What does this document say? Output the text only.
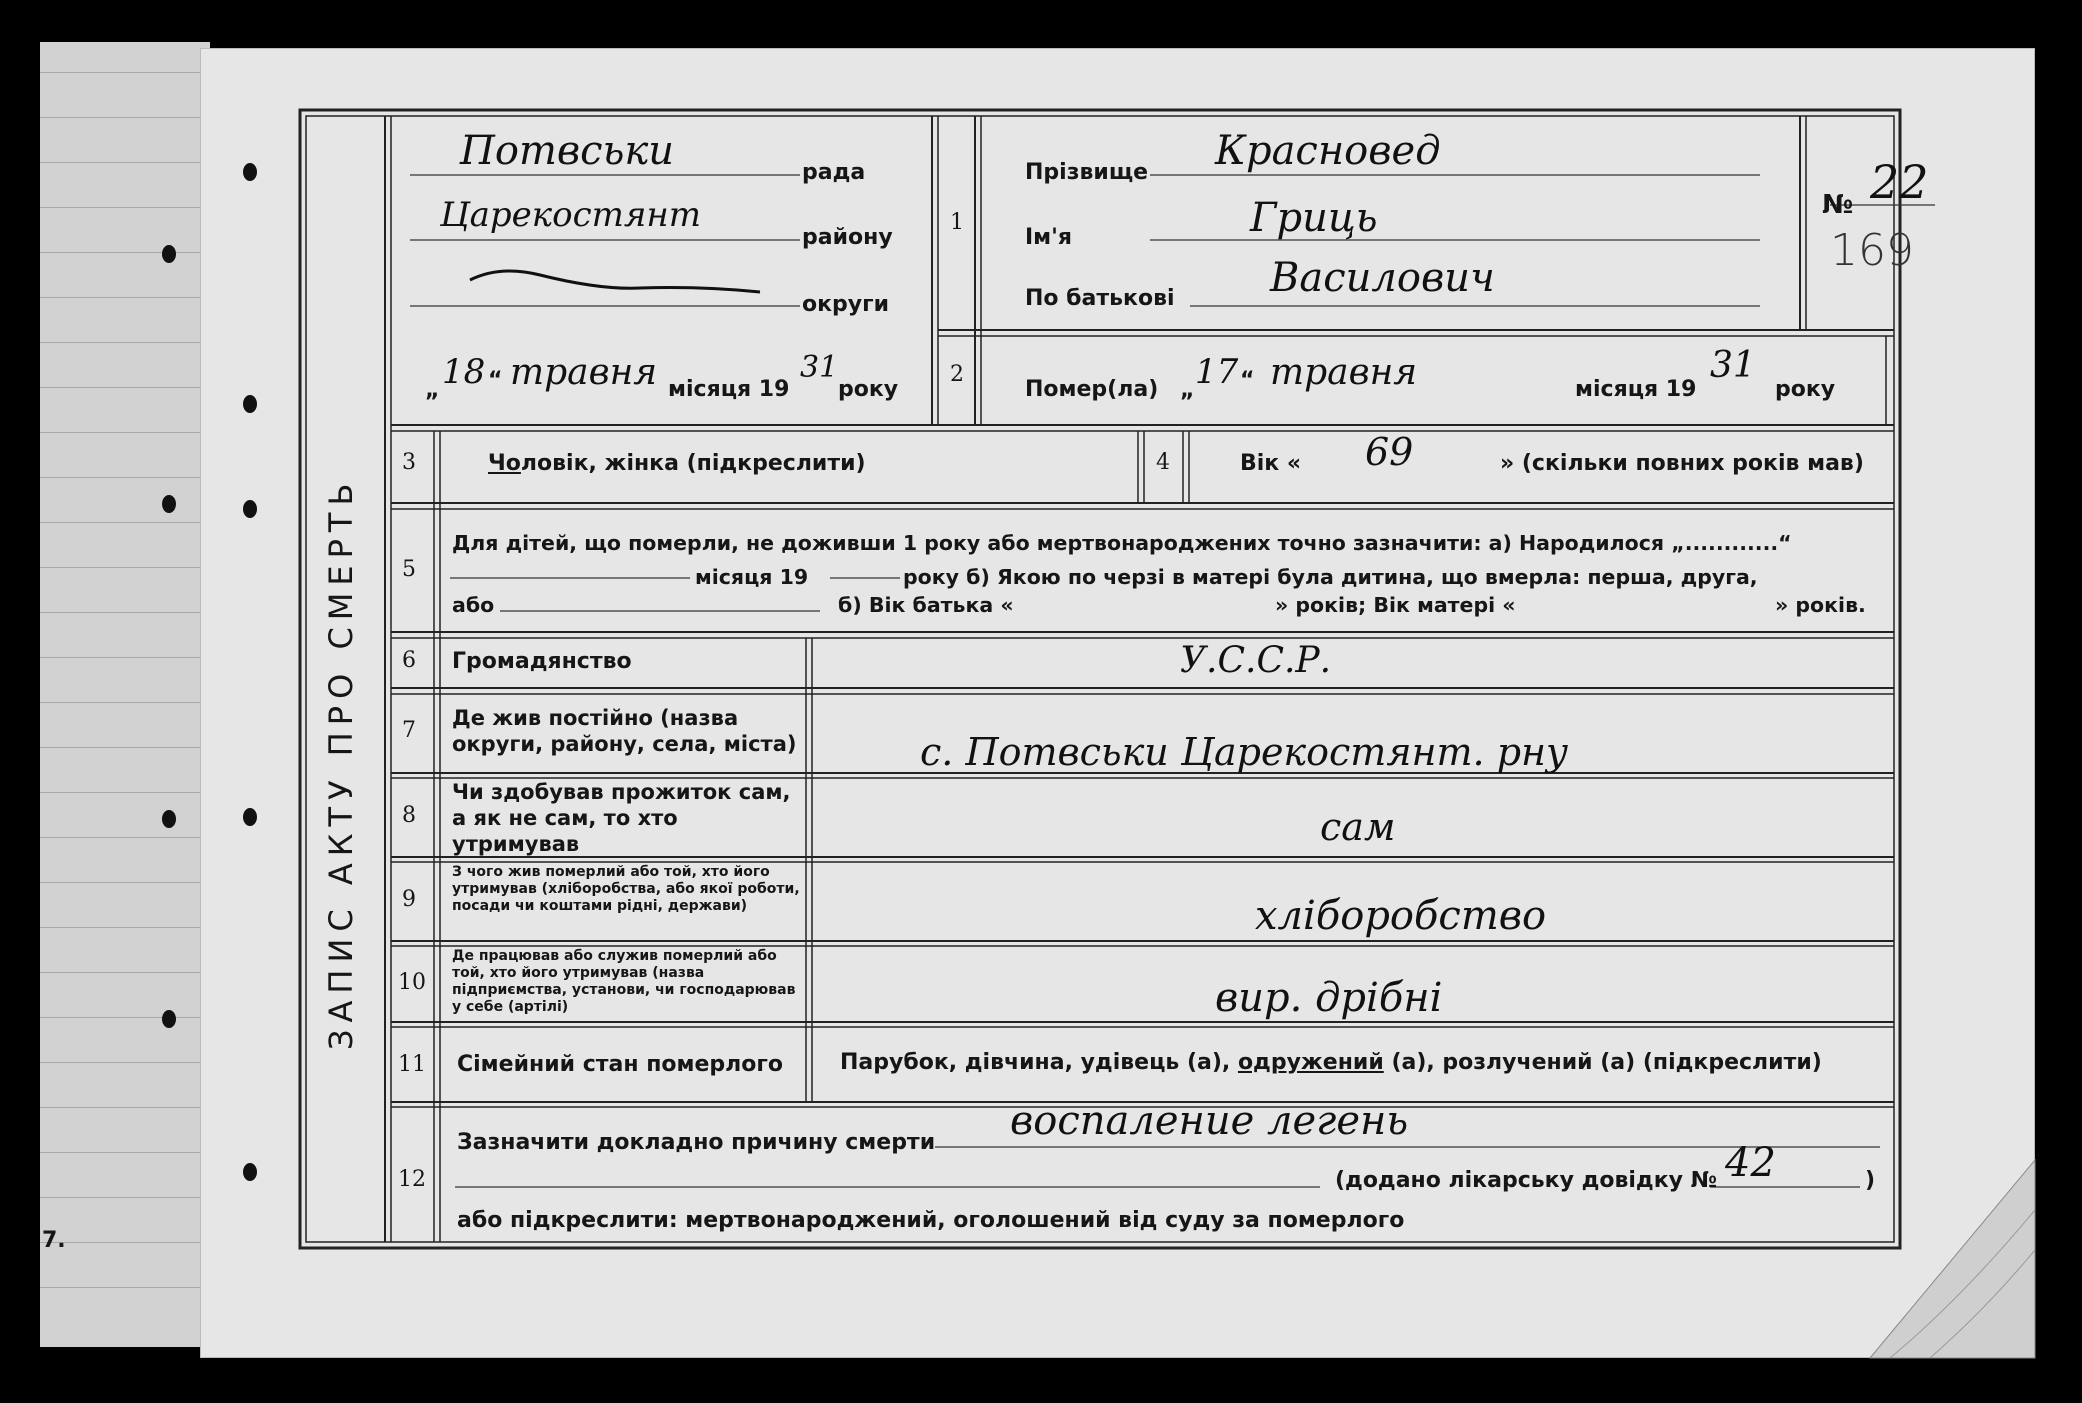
7.
ЗАПИС АКТУ ПРО СМЕРТЬ
Потвськи	рада
Царекостянт
району
округи
„ 18 “ травня місяця 19
31
року
1
Прізвище Красновед
Ім'я	Гриць
По батькові Василович
№ 22
169
2
Помер(ла) „ 17 “ травня	місяця 19
31
року
3	Чоловік, жінка (підкреслити)	4	Вік « 69	» (скільки повних років мав)
5
Для дітей, що померли, не доживши 1 року або мертвонароджених точно зазначити: а) Народилося „............“
місяця 19	року б) Якою по черзі в матері була дитина, що вмерла: перша, друга,
або	б) Вік батька «	» років; Вік матері «	» років.
6 Громадянство	У.С.С.Р.
7 Де жив постійно (назва округи, району, села, міста)	с. Потвськи Царекостянт. рну
8
Чи здобував прожиток сам, а як не сам, то хто утримував	сам
9
З чого жив померлий або той, хто його утримував (хліборобства, або якої роботи, посади чи коштами рідні, держави)	хліборобство
10
Де працював або служив померлий або той, хто його утримував (назва підприємства, установи, чи господарював у себе (артілі)	вир. дрібні
11 Сімейний стан померлого	Парубок, дівчина, удівець (а), одружений (а), розлучений (а) (підкреслити)
12
Зазначити докладно причину смерти воспаление легень
(додано лікарську довідку № 42	)
або підкреслити: мертвонароджений, оголошений від суду за померлого
